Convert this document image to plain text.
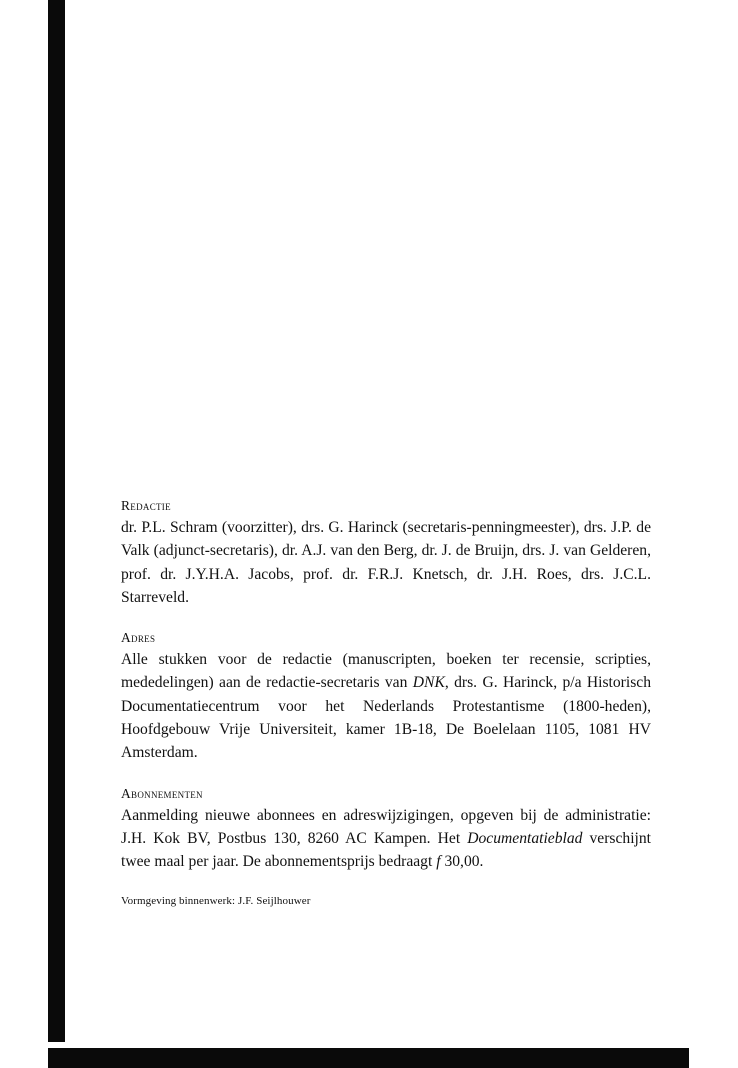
Redactie
dr. P.L. Schram (voorzitter), drs. G. Harinck (secretaris-penningmeester), drs. J.P. de Valk (adjunct-secretaris), dr. A.J. van den Berg, dr. J. de Bruijn, drs. J. van Gelderen, prof. dr. J.Y.H.A. Jacobs, prof. dr. F.R.J. Knetsch, dr. J.H. Roes, drs. J.C.L. Starreveld.
Adres
Alle stukken voor de redactie (manuscripten, boeken ter recensie, scripties, mededelingen) aan de redactie-secretaris van DNK, drs. G. Harinck, p/a Historisch Documentatiecentrum voor het Nederlands Protestantisme (1800-heden), Hoofdgebouw Vrije Universiteit, kamer 1B-18, De Boelelaan 1105, 1081 HV Amsterdam.
Abonnementen
Aanmelding nieuwe abonnees en adreswijzigingen, opgeven bij de administratie: J.H. Kok BV, Postbus 130, 8260 AC Kampen. Het Documentatieblad verschijnt twee maal per jaar. De abonnementsprijs bedraagt f 30,00.
Vormgeving binnenwerk: J.F. Seijlhouwer
